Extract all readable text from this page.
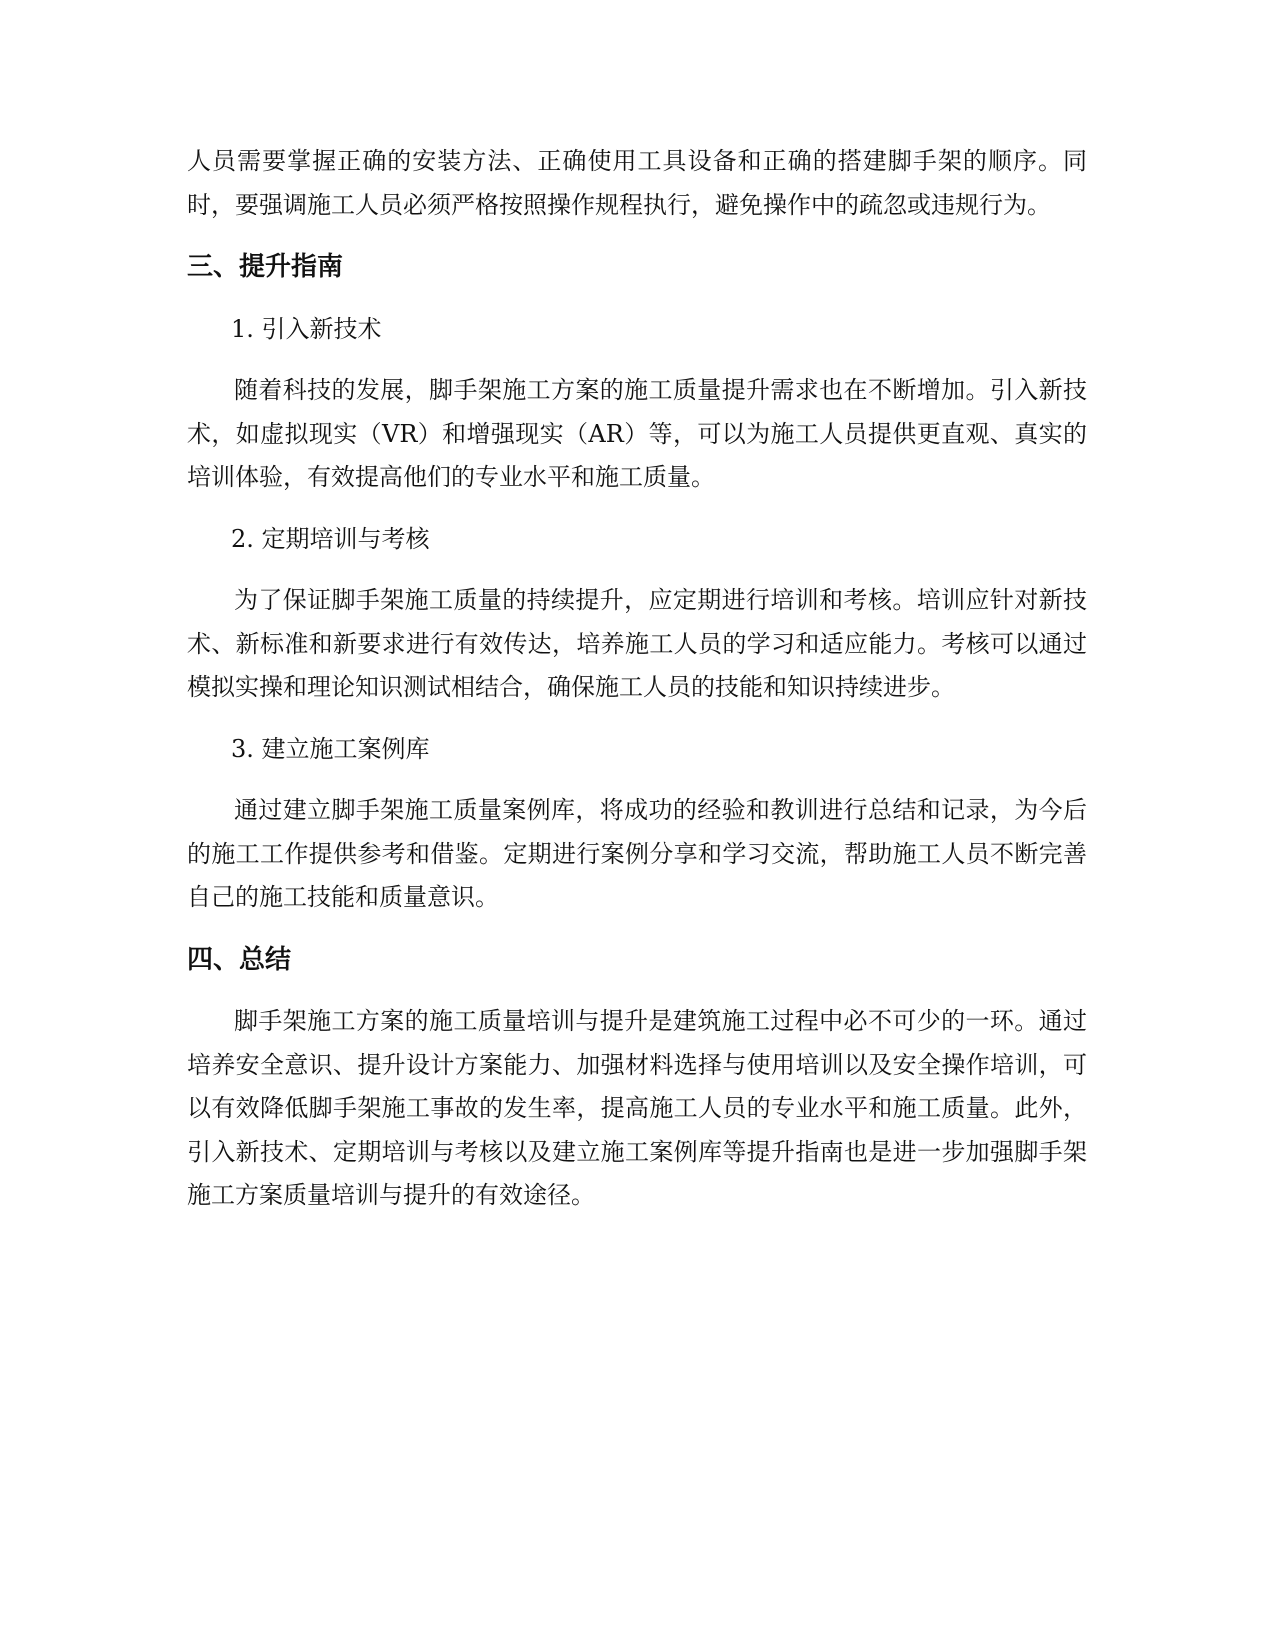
人员需要掌握正确的安装方法、正确使用工具设备和正确的搭建脚手架的顺序。同时，要强调施工人员必须严格按照操作规程执行，避免操作中的疏忽或违规行为。

三、提升指南

1. 引入新技术

随着科技的发展，脚手架施工方案的施工质量提升需求也在不断增加。引入新技术，如虚拟现实（VR）和增强现实（AR）等，可以为施工人员提供更直观、真实的培训体验，有效提高他们的专业水平和施工质量。

2. 定期培训与考核

为了保证脚手架施工质量的持续提升，应定期进行培训和考核。培训应针对新技术、新标准和新要求进行有效传达，培养施工人员的学习和适应能力。考核可以通过模拟实操和理论知识测试相结合，确保施工人员的技能和知识持续进步。

3. 建立施工案例库

通过建立脚手架施工质量案例库，将成功的经验和教训进行总结和记录，为今后的施工工作提供参考和借鉴。定期进行案例分享和学习交流，帮助施工人员不断完善自己的施工技能和质量意识。

四、总结

脚手架施工方案的施工质量培训与提升是建筑施工过程中必不可少的一环。通过培养安全意识、提升设计方案能力、加强材料选择与使用培训以及安全操作培训，可以有效降低脚手架施工事故的发生率，提高施工人员的专业水平和施工质量。此外，引入新技术、定期培训与考核以及建立施工案例库等提升指南也是进一步加强脚手架施工方案质量培训与提升的有效途径。
